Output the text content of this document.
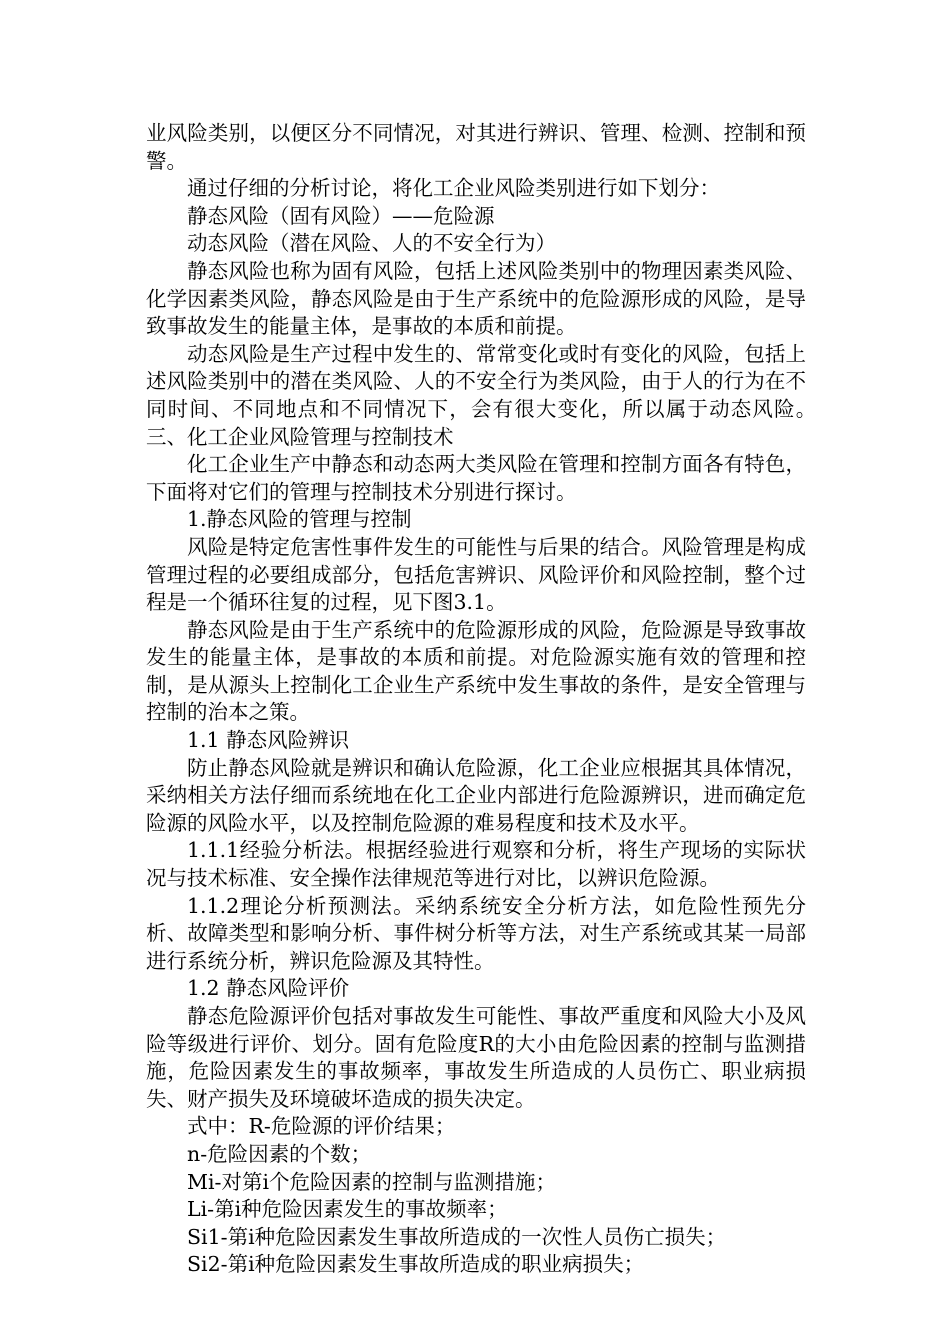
业风险类别，以便区分不同情况，对其进行辨识、管理、检测、控制和预警。

通过仔细的分析讨论，将化工企业风险类别进行如下划分：

静态风险（固有风险）——危险源

动态风险（潜在风险、人的不安全行为）

静态风险也称为固有风险，包括上述风险类别中的物理因素类风险、化学因素类风险，静态风险是由于生产系统中的危险源形成的风险，是导致事故发生的能量主体，是事故的本质和前提。

动态风险是生产过程中发生的、常常变化或时有变化的风险，包括上述风险类别中的潜在类风险、人的不安全行为类风险，由于人的行为在不同时间、不同地点和不同情况下，会有很大变化，所以属于动态风险。　　　　　三、化工企业风险管理与控制技术

化工企业生产中静态和动态两大类风险在管理和控制方面各有特色，下面将对它们的管理与控制技术分别进行探讨。

1.静态风险的管理与控制

风险是特定危害性事件发生的可能性与后果的结合。风险管理是构成管理过程的必要组成部分，包括危害辨识、风险评价和风险控制，整个过程是一个循环往复的过程，见下图3.1。

静态风险是由于生产系统中的危险源形成的风险，危险源是导致事故发生的能量主体，是事故的本质和前提。对危险源实施有效的管理和控制，是从源头上控制化工企业生产系统中发生事故的条件，是安全管理与控制的治本之策。

1.1 静态风险辨识

防止静态风险就是辨识和确认危险源，化工企业应根据其具体情况，采纳相关方法仔细而系统地在化工企业内部进行危险源辨识，进而确定危险源的风险水平，以及控制危险源的难易程度和技术及水平。

1.1.1经验分析法。根据经验进行观察和分析，将生产现场的实际状况与技术标准、安全操作法律规范等进行对比，以辨识危险源。

1.1.2理论分析预测法。采纳系统安全分析方法，如危险性预先分析、故障类型和影响分析、事件树分析等方法，对生产系统或其某一局部进行系统分析，辨识危险源及其特性。

1.2 静态风险评价

静态危险源评价包括对事故发生可能性、事故严重度和风险大小及风险等级进行评价、划分。固有危险度R的大小由危险因素的控制与监测措施，危险因素发生的事故频率，事故发生所造成的人员伤亡、职业病损失、财产损失及环境破坏造成的损失决定。

式中：R-危险源的评价结果；

n-危险因素的个数；

Mi-对第i个危险因素的控制与监测措施；

Li-第i种危险因素发生的事故频率；

Si1-第i种危险因素发生事故所造成的一次性人员伤亡损失；

Si2-第i种危险因素发生事故所造成的职业病损失；
